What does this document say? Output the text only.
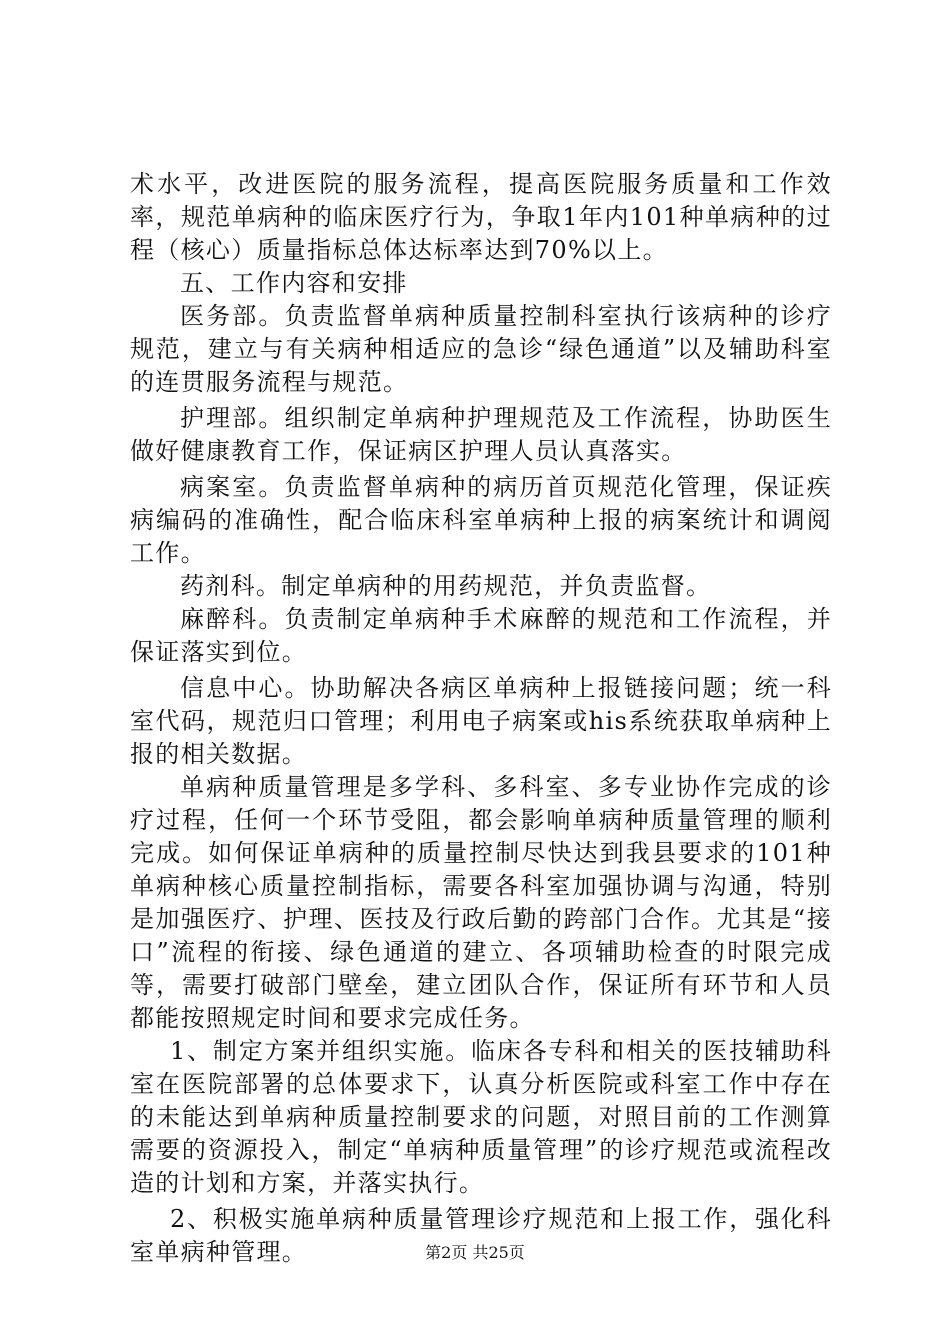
术水平，改进医院的服务流程，提高医院服务质量和工作效率，规范单病种的临床医疗行为，争取1年内101种单病种的过程（核心）质量指标总体达标率达到70%以上。

五、工作内容和安排

医务部。负责监督单病种质量控制科室执行该病种的诊疗规范，建立与有关病种相适应的急诊“绿色通道”以及辅助科室的连贯服务流程与规范。

护理部。组织制定单病种护理规范及工作流程，协助医生做好健康教育工作，保证病区护理人员认真落实。

病案室。负责监督单病种的病历首页规范化管理，保证疾病编码的准确性，配合临床科室单病种上报的病案统计和调阅工作。

药剂科。制定单病种的用药规范，并负责监督。

麻醉科。负责制定单病种手术麻醉的规范和工作流程，并保证落实到位。

信息中心。协助解决各病区单病种上报链接问题；统一科室代码，规范归口管理；利用电子病案或his系统获取单病种上报的相关数据。

单病种质量管理是多学科、多科室、多专业协作完成的诊疗过程，任何一个环节受阻，都会影响单病种质量管理的顺利完成。如何保证单病种的质量控制尽快达到我县要求的101种单病种核心质量控制指标，需要各科室加强协调与沟通，特别是加强医疗、护理、医技及行政后勤的跨部门合作。尤其是“接口”流程的衔接、绿色通道的建立、各项辅助检查的时限完成等，需要打破部门壁垒，建立团队合作，保证所有环节和人员都能按照规定时间和要求完成任务。

1、制定方案并组织实施。临床各专科和相关的医技辅助科室在医院部署的总体要求下，认真分析医院或科室工作中存在的未能达到单病种质量控制要求的问题，对照目前的工作测算需要的资源投入，制定“单病种质量管理”的诊疗规范或流程改造的计划和方案，并落实执行。

2、积极实施单病种质量管理诊疗规范和上报工作，强化科室单病种管理。	第2页 共25页
